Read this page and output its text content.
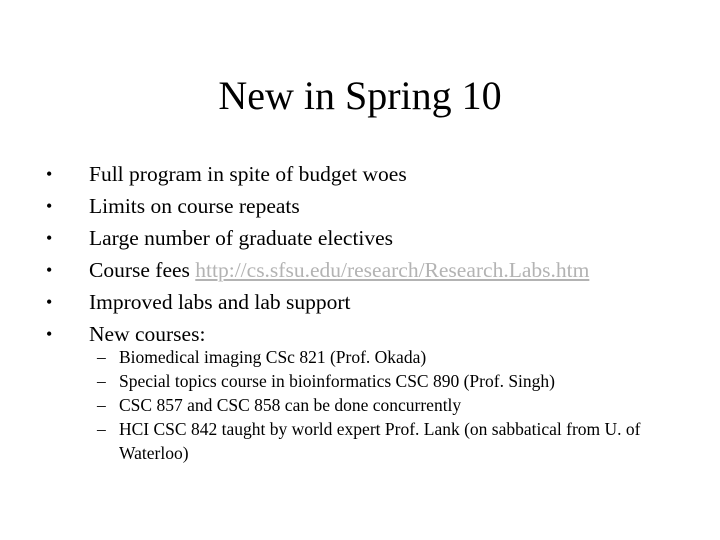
New in Spring 10
• Full program in spite of budget woes
• Limits on course repeats
• Large number of graduate electives
• Course fees http://cs.sfsu.edu/research/Research.Labs.htm
• Improved labs and lab support
• New courses:
– Biomedical imaging CSc 821 (Prof. Okada)
– Special topics course in bioinformatics CSC 890 (Prof. Singh)
– CSC 857 and CSC 858 can be done concurrently
– HCI CSC 842 taught by world expert Prof. Lank (on sabbatical from U. of Waterloo)
